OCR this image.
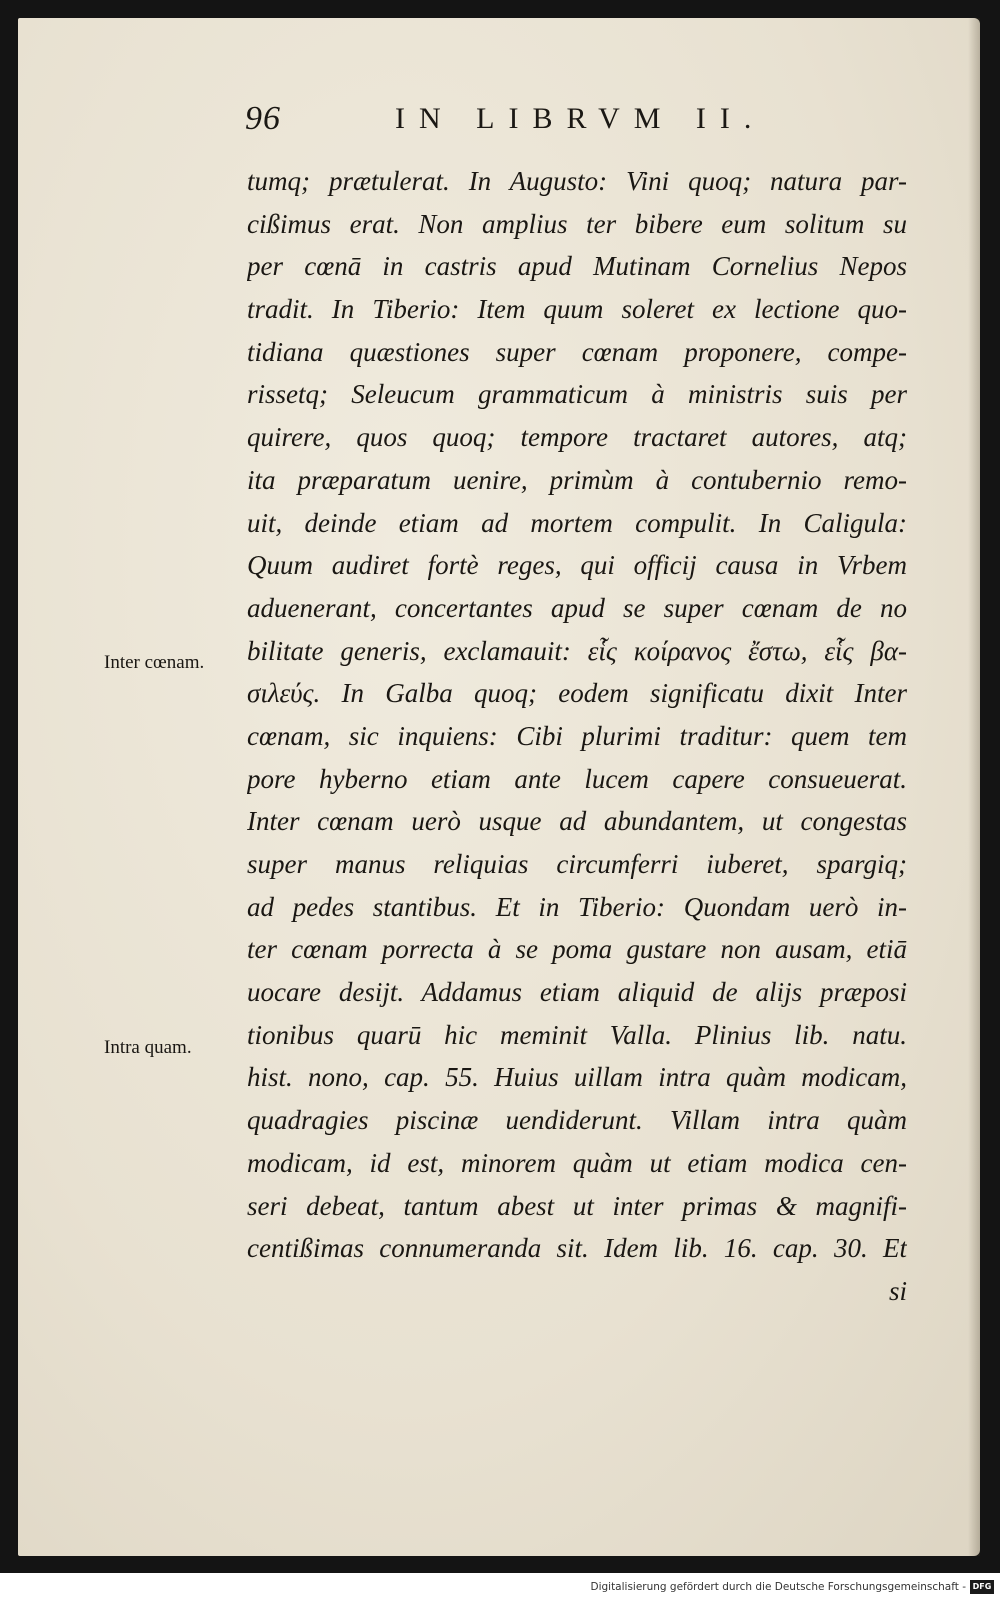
96	IN LIBRVM II.
Inter cœnam.
Intra quam.
tumq; prætulerat. In Augusto: Vini quoq; natura par-
cißimus erat. Non amplius ter bibere eum solitum su
per cœnā in castris apud Mutinam Cornelius Nepos
tradit. In Tiberio: Item quum soleret ex lectione quo-
tidiana quæstiones super cœnam proponere, compe-
rissetq; Seleucum grammaticum à ministris suis per
quirere, quos quoq; tempore tractaret autores, atq;
ita præparatum uenire, primùm à contubernio remo-
uit, deinde etiam ad mortem compulit. In Caligula:
Quum audiret fortè reges, qui officij causa in Vrbem
aduenerant, concertantes apud se super cœnam de no
bilitate generis, exclamauit: εἷς κοίρανος ἔστω, εἷς βα-
σιλεύς. In Galba quoq; eodem significatu dixit Inter
cœnam, sic inquiens: Cibi plurimi traditur: quem tem
pore hyberno etiam ante lucem capere consueuerat.
Inter cœnam uerò usque ad abundantem, ut congestas
super manus reliquias circumferri iuberet, spargiq;
ad pedes stantibus. Et in Tiberio: Quondam uerò in-
ter cœnam porrecta à se poma gustare non ausam, etiā
uocare desijt. Addamus etiam aliquid de alijs præposi
tionibus quarū hic meminit Valla. Plinius lib. natu.
hist. nono, cap. 55. Huius uillam intra quàm modicam,
quadragies piscinæ uendiderunt. Villam intra quàm
modicam, id est, minorem quàm ut etiam modica cen-
seri debeat, tantum abest ut inter primas & magnifi-
centißimas connumeranda sit. Idem lib. 16. cap. 30. Et
si
Digitalisierung gefördert durch die Deutsche Forschungsgemeinschaft - DFG
